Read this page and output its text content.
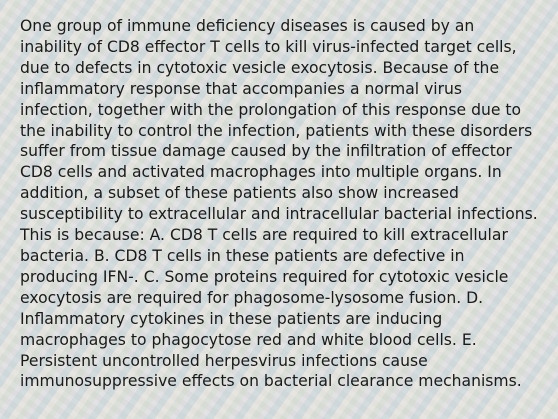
One group of immune deficiency diseases is caused by an inability of CD8 effector T cells to kill virus-infected target cells, due to defects in cytotoxic vesicle exocytosis. Because of the inflammatory response that accompanies a normal virus infection, together with the prolongation of this response due to the inability to control the infection, patients with these disorders suffer from tissue damage caused by the infiltration of effector CD8 cells and activated macrophages into multiple organs. In addition, a subset of these patients also show increased susceptibility to extracellular and intracellular bacterial infections. This is because: A. CD8 T cells are required to kill extracellular bacteria. B. CD8 T cells in these patients are defective in producing IFN-. C. Some proteins required for cytotoxic vesicle exocytosis are required for phagosome-lysosome fusion. D. Inflammatory cytokines in these patients are inducing macrophages to phagocytose red and white blood cells. E. Persistent uncontrolled herpesvirus infections cause immunosuppressive effects on bacterial clearance mechanisms.
